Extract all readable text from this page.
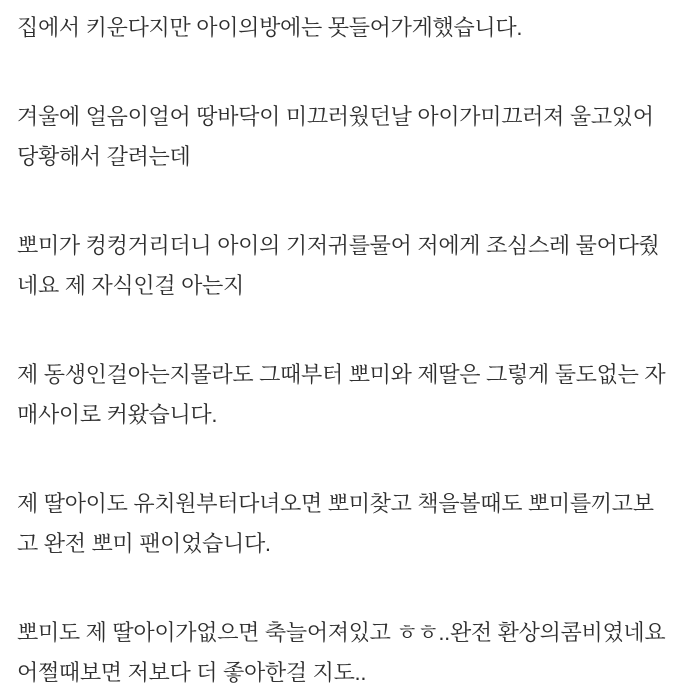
집에서 키운다지만 아이의방에는 못들어가게했습니다.
겨울에 얼음이얼어 땅바닥이 미끄러웠던날 아이가미끄러져 울고있어
당황해서 갈려는데
뽀미가 컹컹거리더니 아이의 기저귀를물어 저에게 조심스레 물어다줬
네요 제 자식인걸 아는지
제 동생인걸아는지몰라도 그때부터 뽀미와 제딸은 그렇게 둘도없는 자
매사이로 커왔습니다.
제 딸아이도 유치원부터다녀오면 뽀미찾고 책을볼때도 뽀미를끼고보
고 완전 뽀미 팬이었습니다.
뽀미도 제 딸아이가없으면 축늘어져있고 ㅎㅎ..완전 환상의콤비였네요
어쩔때보면 저보다 더 좋아한걸 지도..
